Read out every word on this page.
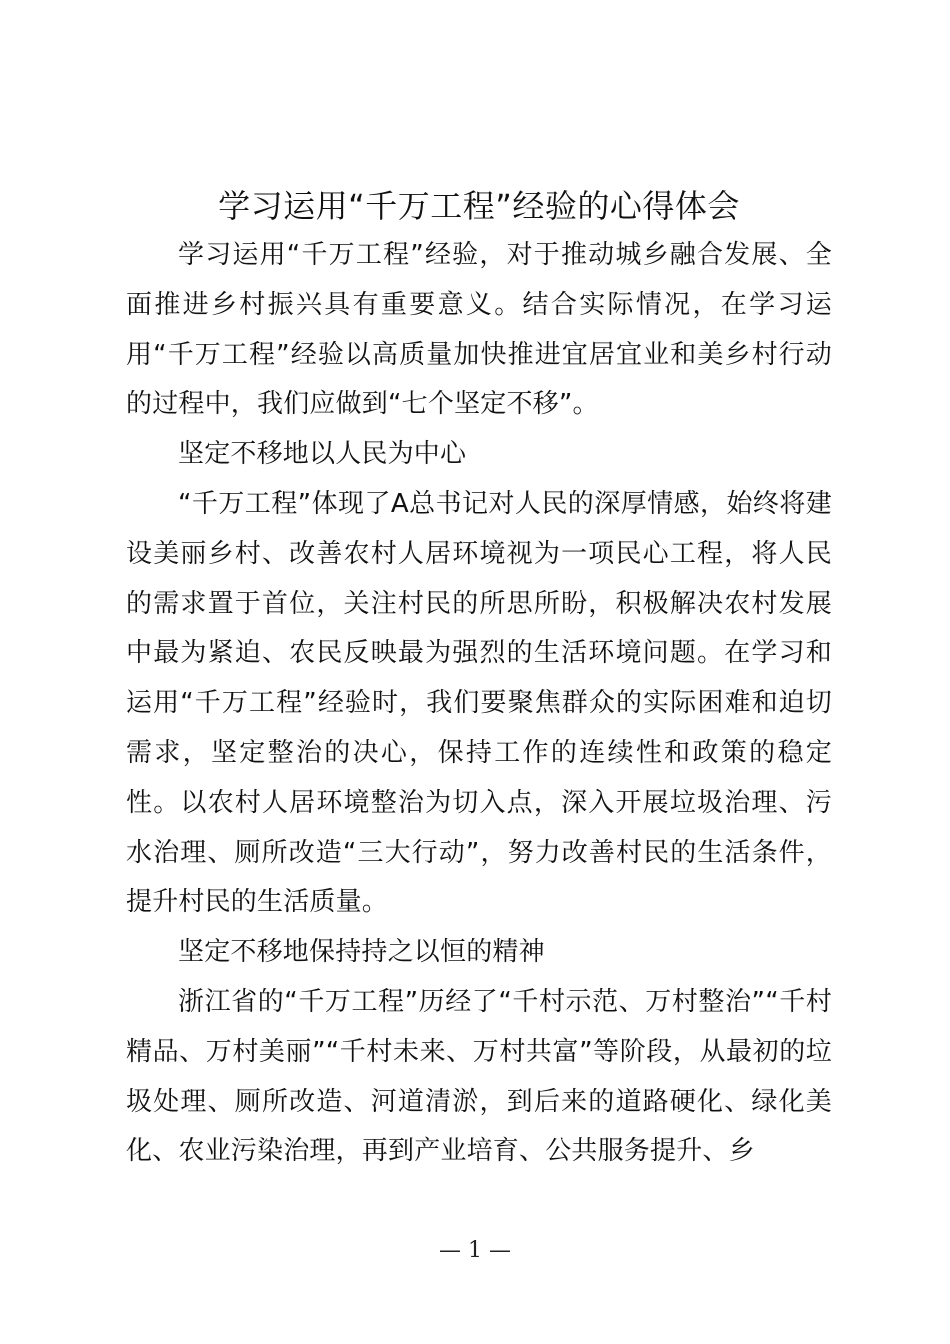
学习运用“千万工程”经验的心得体会

学习运用“千万工程”经验，对于推动城乡融合发展、全面推进乡村振兴具有重要意义。结合实际情况，在学习运用“千万工程”经验以高质量加快推进宜居宜业和美乡村行动的过程中，我们应做到“七个坚定不移”。

坚定不移地以人民为中心

“千万工程”体现了A总书记对人民的深厚情感，始终将建设美丽乡村、改善农村人居环境视为一项民心工程，将人民的需求置于首位，关注村民的所思所盼，积极解决农村发展中最为紧迫、农民反映最为强烈的生活环境问题。在学习和运用“千万工程”经验时，我们要聚焦群众的实际困难和迫切需求，坚定整治的决心，保持工作的连续性和政策的稳定性。以农村人居环境整治为切入点，深入开展垃圾治理、污水治理、厕所改造“三大行动”，努力改善村民的生活条件，提升村民的生活质量。

坚定不移地保持持之以恒的精神

浙江省的“千万工程”历经了“千村示范、万村整治”“千村精品、万村美丽”“千村未来、万村共富”等阶段，从最初的垃圾处理、厕所改造、河道清淤，到后来的道路硬化、绿化美化、农业污染治理，再到产业培育、公共服务提升、乡

— 1 —
